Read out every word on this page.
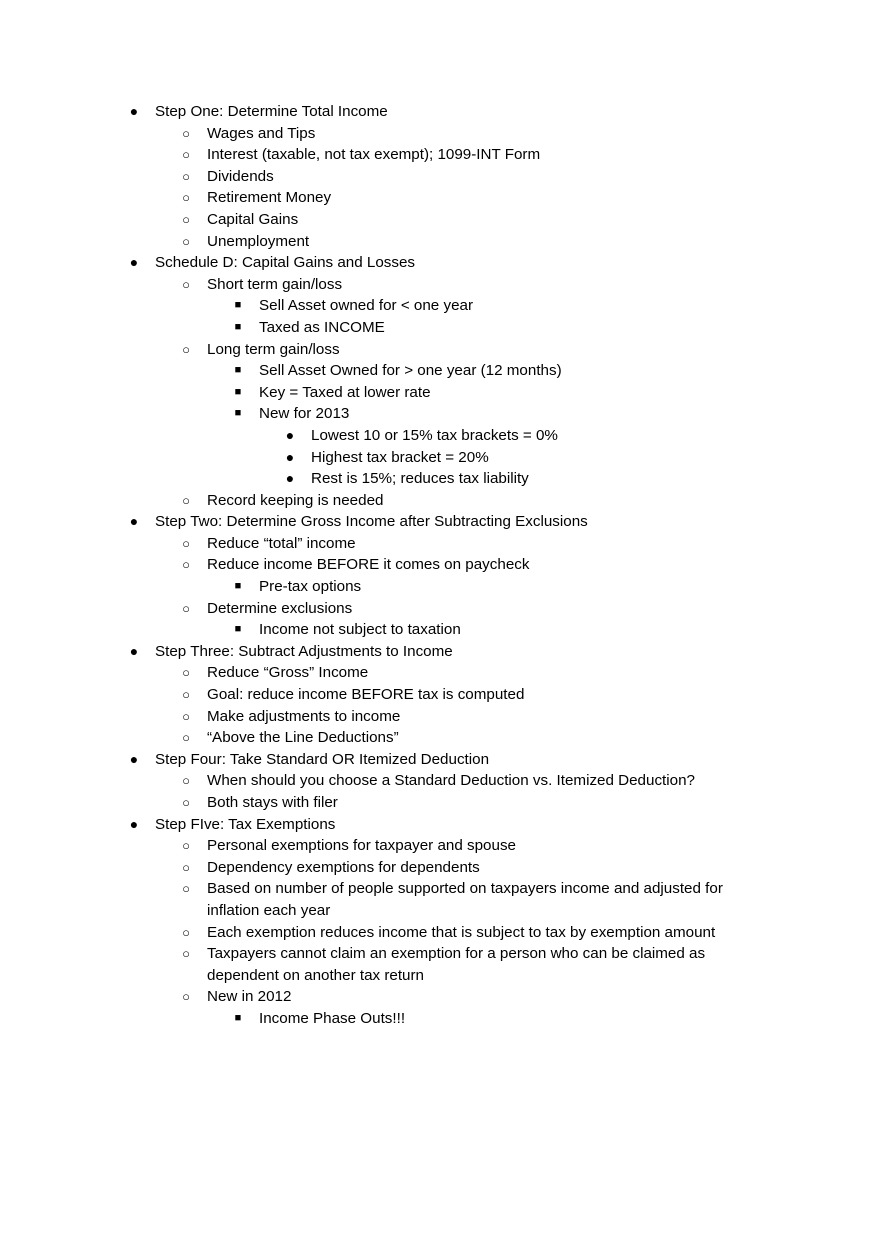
●	Step One: Determine Total Income
○	Wages and Tips
○	Interest (taxable, not tax exempt); 1099-INT Form
○	Dividends
○	Retirement Money
○	Capital Gains
○	Unemployment
●	Schedule D: Capital Gains and Losses
○	Short term gain/loss
■	Sell Asset owned for < one year
■	Taxed as INCOME
○	Long term gain/loss
■	Sell Asset Owned for > one year (12 months)
■	Key = Taxed at lower rate
■	New for 2013
●	Lowest 10 or 15% tax brackets = 0%
●	Highest tax bracket = 20%
●	Rest is 15%; reduces tax liability
○	Record keeping is needed
●	Step Two: Determine Gross Income after Subtracting Exclusions
○	Reduce “total” income
○	Reduce income BEFORE it comes on paycheck
■	Pre-tax options
○	Determine exclusions
■	Income not subject to taxation
●	Step Three: Subtract Adjustments to Income
○	Reduce “Gross” Income
○	Goal: reduce income BEFORE tax is computed
○	Make adjustments to income
○	“Above the Line Deductions”
●	Step Four: Take Standard OR Itemized Deduction
○	When should you choose a Standard Deduction vs. Itemized Deduction?
○	Both stays with filer
●	Step FIve: Tax Exemptions
○	Personal exemptions for taxpayer and spouse
○	Dependency exemptions for dependents
○	Based on number of people supported on taxpayers income and adjusted for
inflation each year
○	Each exemption reduces income that is subject to tax by exemption amount
○	Taxpayers cannot claim an exemption for a person who can be claimed as
dependent on another tax return
○	New in 2012
■	Income Phase Outs!!!
